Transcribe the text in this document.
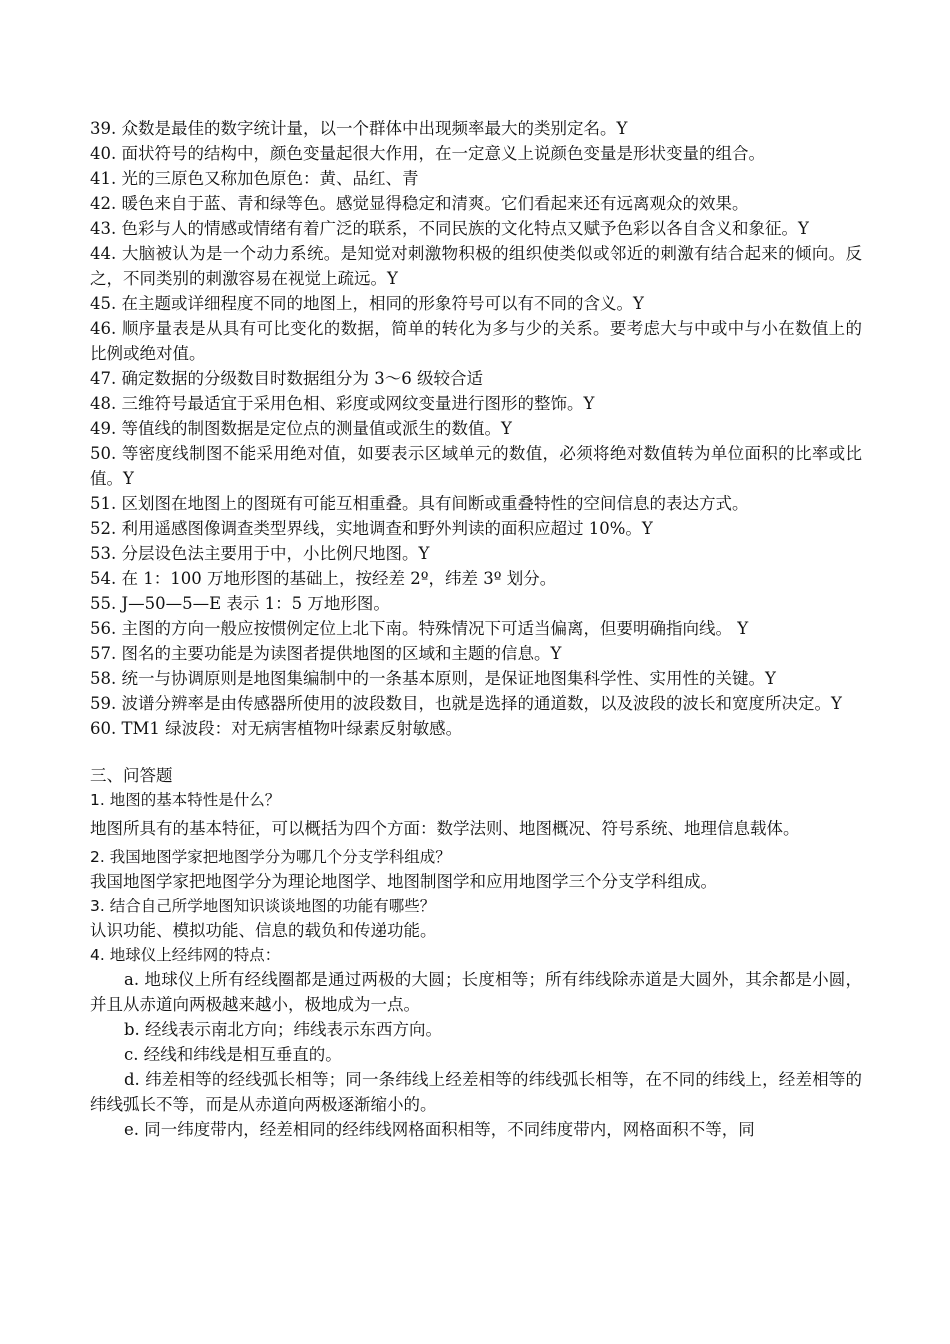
39. 众数是最佳的数字统计量，以一个群体中出现频率最大的类别定名。Y

40. 面状符号的结构中，颜色变量起很大作用，在一定意义上说颜色变量是形状变量的组合。

41. 光的三原色又称加色原色：黄、品红、青

42. 暖色来自于蓝、青和绿等色。感觉显得稳定和清爽。它们看起来还有远离观众的效果。

43. 色彩与人的情感或情绪有着广泛的联系，不同民族的文化特点又赋予色彩以各自含义和象征。Y

44. 大脑被认为是一个动力系统。是知觉对刺激物积极的组织使类似或邻近的刺激有结合起来的倾向。反之，不同类别的刺激容易在视觉上疏远。Y

45. 在主题或详细程度不同的地图上，相同的形象符号可以有不同的含义。Y

46. 顺序量表是从具有可比变化的数据，简单的转化为多与少的关系。要考虑大与中或中与小在数值上的比例或绝对值。

47. 确定数据的分级数目时数据组分为 3～6 级较合适

48. 三维符号最适宜于采用色相、彩度或网纹变量进行图形的整饰。Y

49. 等值线的制图数据是定位点的测量值或派生的数值。Y

50. 等密度线制图不能采用绝对值，如要表示区域单元的数值，必须将绝对数值转为单位面积的比率或比值。Y

51. 区划图在地图上的图斑有可能互相重叠。具有间断或重叠特性的空间信息的表达方式。

52. 利用遥感图像调查类型界线，实地调查和野外判读的面积应超过 10%。Y

53. 分层设色法主要用于中，小比例尺地图。Y

54. 在 1：100 万地形图的基础上，按经差 2º，纬差 3º 划分。

55. J—50—5—E 表示 1：5 万地形图。

56. 主图的方向一般应按惯例定位上北下南。特殊情况下可适当偏离，但要明确指向线。 Y

57. 图名的主要功能是为读图者提供地图的区域和主题的信息。Y

58. 统一与协调原则是地图集编制中的一条基本原则，是保证地图集科学性、实用性的关键。Y

59. 波谱分辨率是由传感器所使用的波段数目，也就是选择的通道数，以及波段的波长和宽度所决定。Y

60. TM1 绿波段：对无病害植物叶绿素反射敏感。

三、问答题

1. 地图的基本特性是什么？

地图所具有的基本特征，可以概括为四个方面：数学法则、地图概况、符号系统、地理信息载体。

2. 我国地图学家把地图学分为哪几个分支学科组成？

我国地图学家把地图学分为理论地图学、地图制图学和应用地图学三个分支学科组成。

3. 结合自己所学地图知识谈谈地图的功能有哪些？

认识功能、模拟功能、信息的载负和传递功能。

4. 地球仪上经纬网的特点：

a. 地球仪上所有经线圈都是通过两极的大圆；长度相等；所有纬线除赤道是大圆外，其余都是小圆，并且从赤道向两极越来越小，极地成为一点。

b. 经线表示南北方向；纬线表示东西方向。

c. 经线和纬线是相互垂直的。

d. 纬差相等的经线弧长相等；同一条纬线上经差相等的纬线弧长相等，在不同的纬线上，经差相等的纬线弧长不等，而是从赤道向两极逐渐缩小的。

e. 同一纬度带内，经差相同的经纬线网格面积相等，不同纬度带内，网格面积不等，同
